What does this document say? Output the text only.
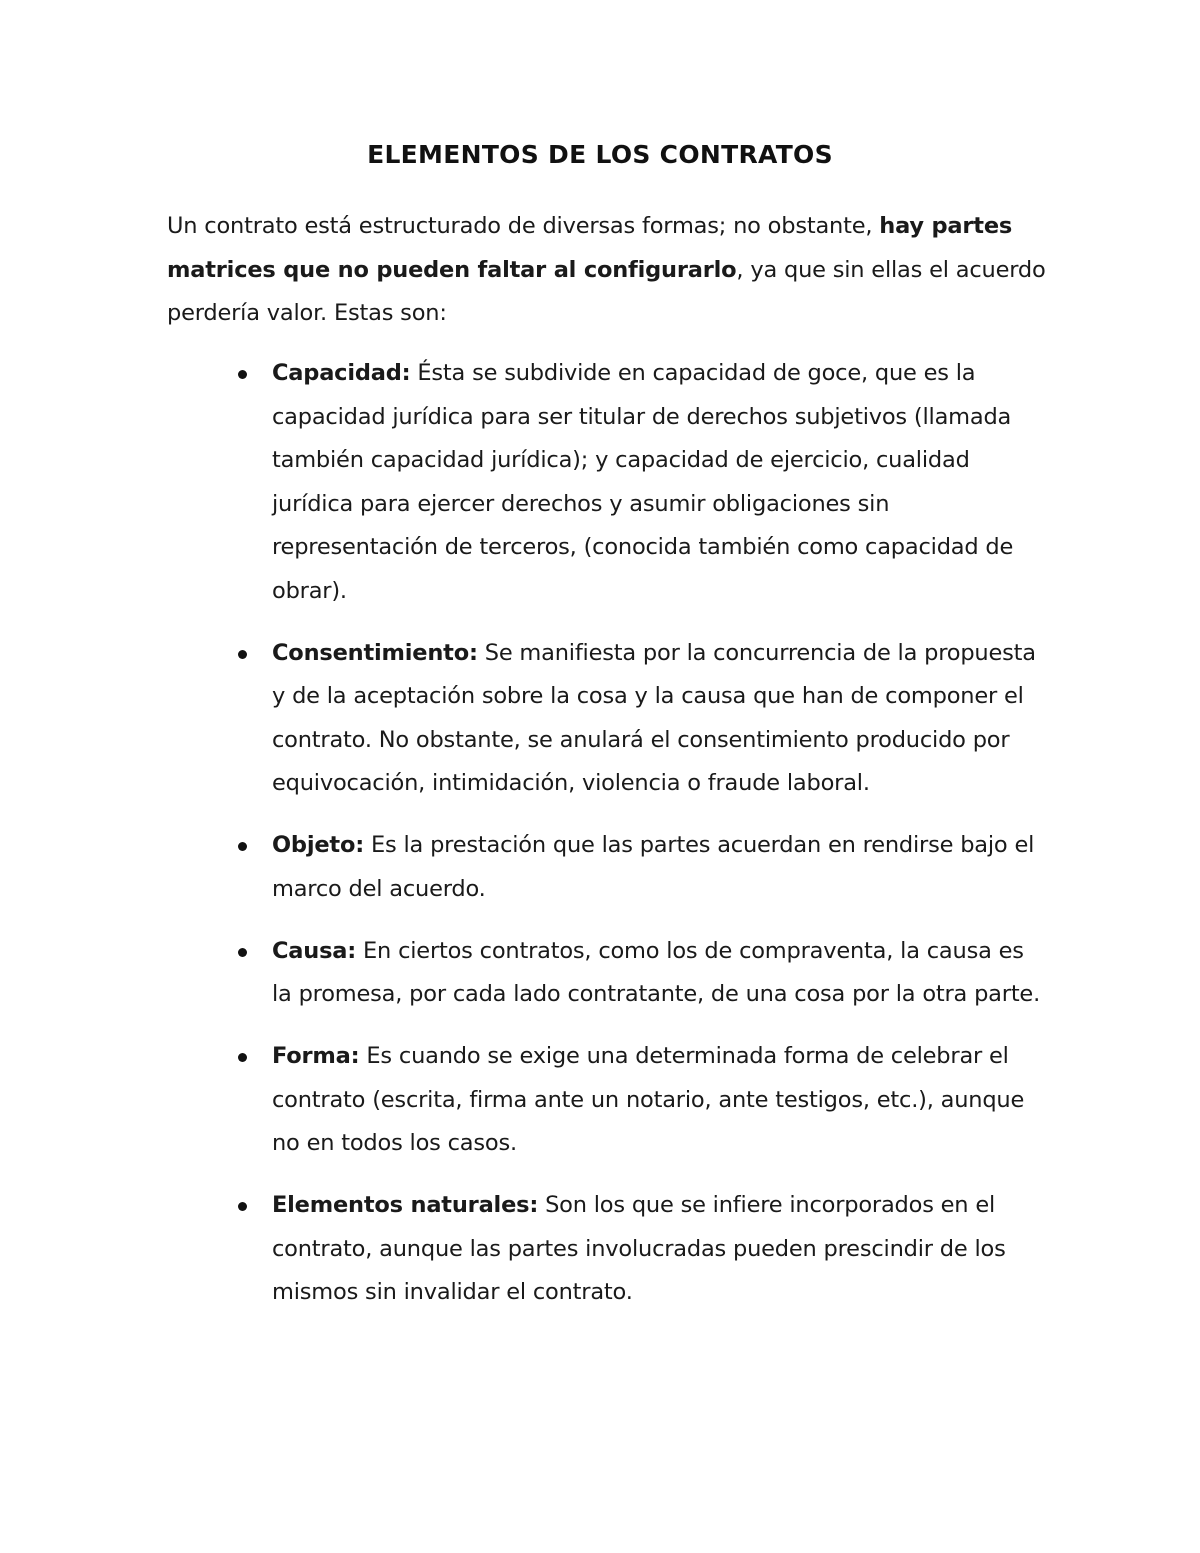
ELEMENTOS DE LOS CONTRATOS

Un contrato está estructurado de diversas formas; no obstante, hay partes matrices que no pueden faltar al configurarlo, ya que sin ellas el acuerdo perdería valor. Estas son:

Capacidad: Ésta se subdivide en capacidad de goce, que es la capacidad jurídica para ser titular de derechos subjetivos (llamada también capacidad jurídica); y capacidad de ejercicio, cualidad jurídica para ejercer derechos y asumir obligaciones sin representación de terceros, (conocida también como capacidad de obrar).
Consentimiento: Se manifiesta por la concurrencia de la propuesta y de la aceptación sobre la cosa y la causa que han de componer el contrato. No obstante, se anulará el consentimiento producido por equivocación, intimidación, violencia o fraude laboral.
Objeto: Es la prestación que las partes acuerdan en rendirse bajo el marco del acuerdo.
Causa: En ciertos contratos, como los de compraventa, la causa es la promesa, por cada lado contratante, de una cosa por la otra parte.
Forma: Es cuando se exige una determinada forma de celebrar el contrato (escrita, firma ante un notario, ante testigos, etc.), aunque no en todos los casos.
Elementos naturales: Son los que se infiere incorporados en el contrato, aunque las partes involucradas pueden prescindir de los mismos sin invalidar el contrato.
